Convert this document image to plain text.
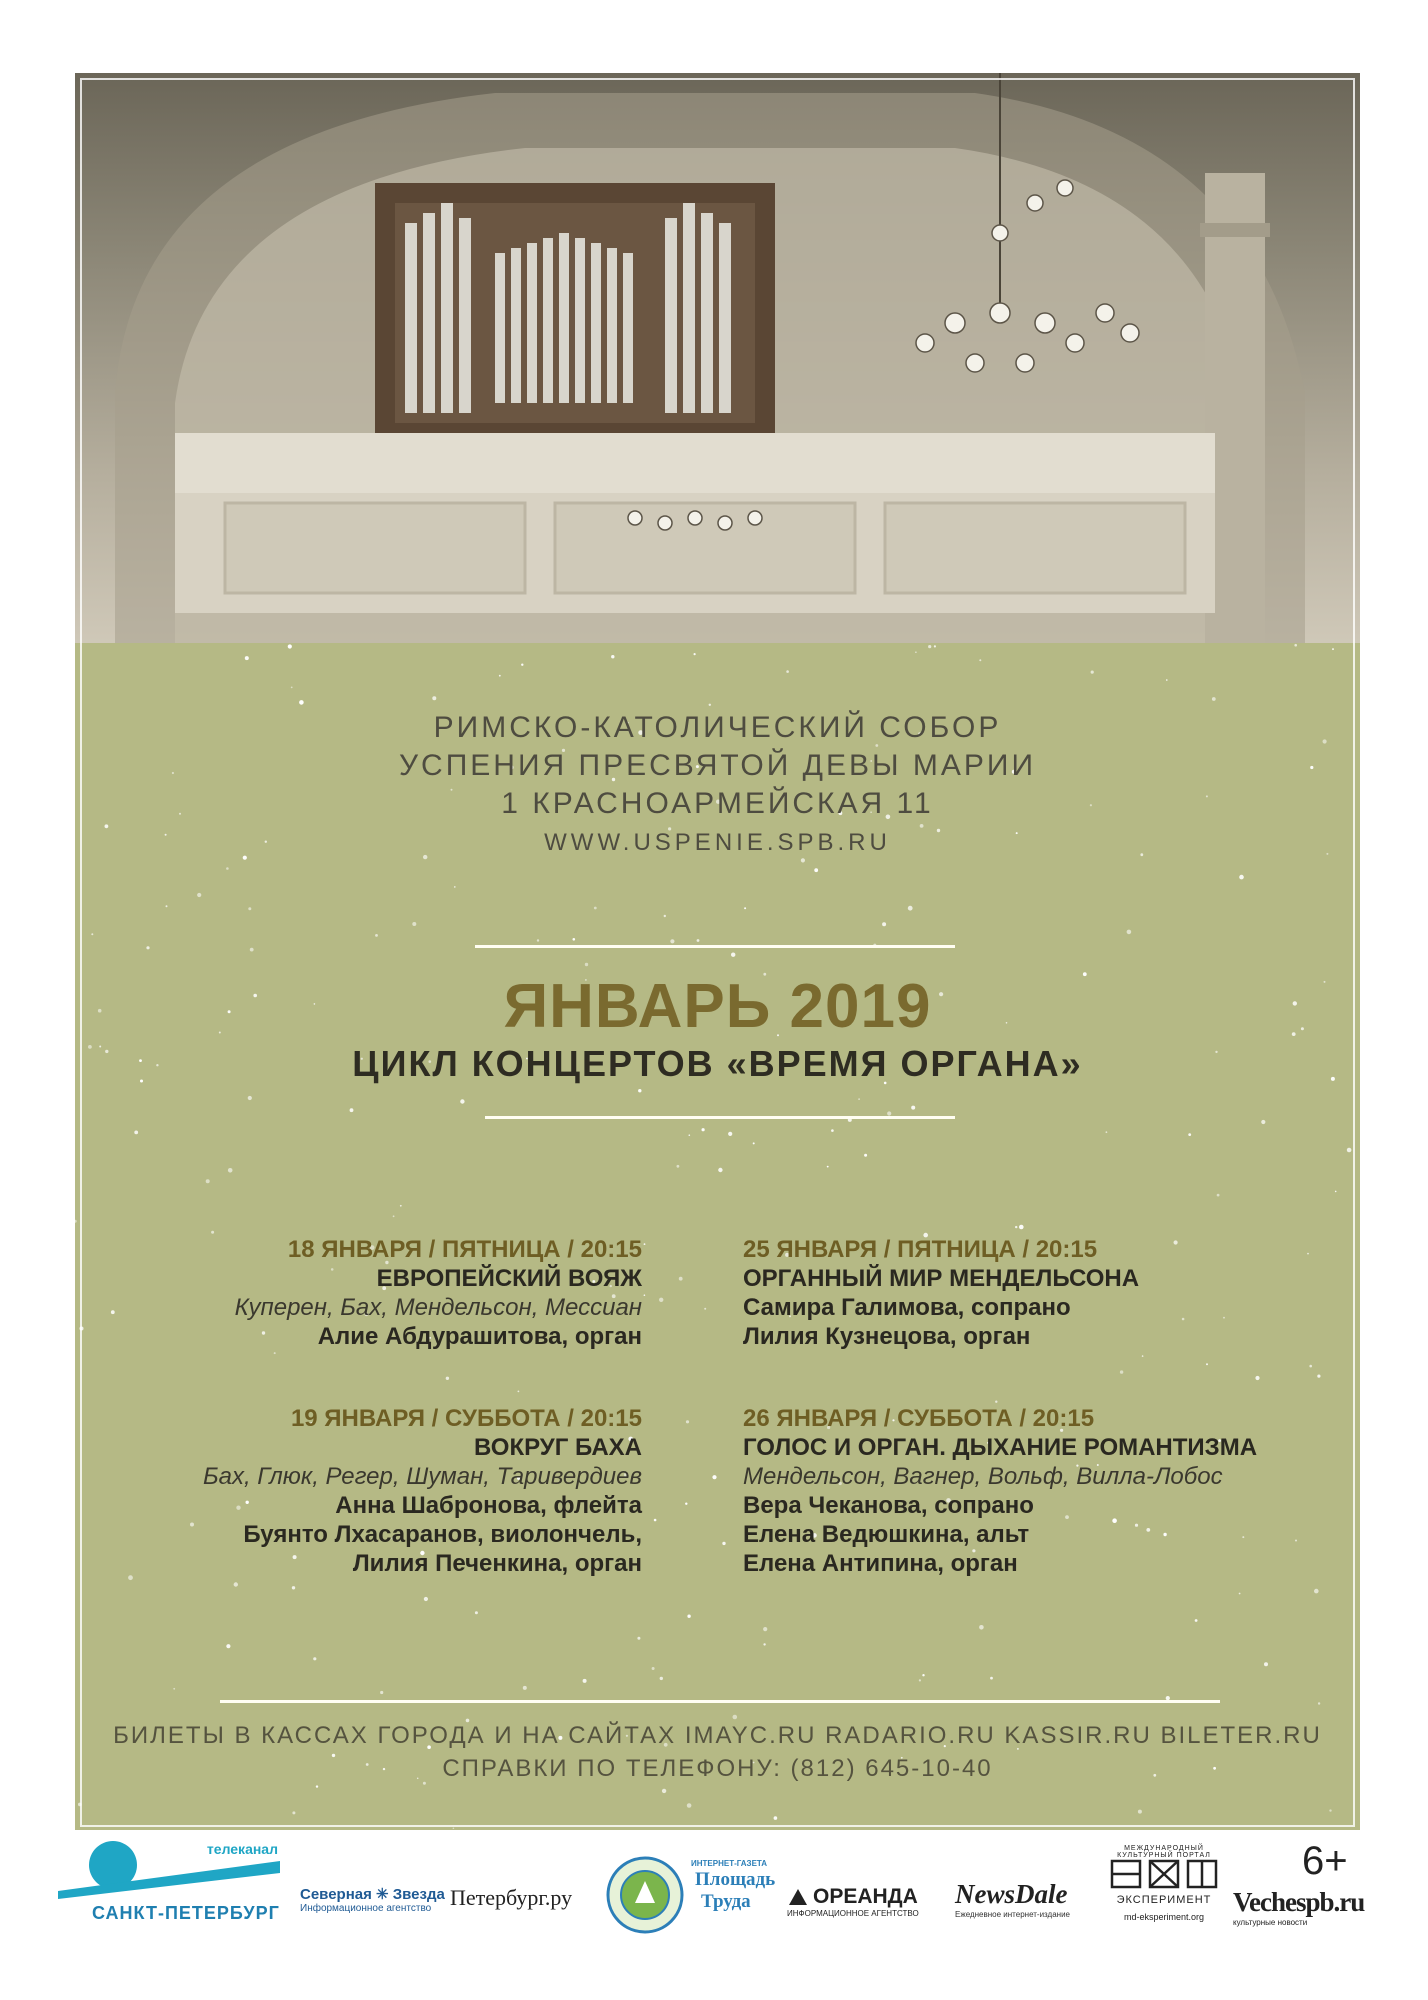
РИМСКО-КАТОЛИЧЕСКИЙ СОБОР
УСПЕНИЯ ПРЕСВЯТОЙ ДЕВЫ МАРИИ
1 КРАСНОАРМЕЙСКАЯ 11
WWW.USPENIE.SPB.RU
ЯНВАРЬ 2019
ЦИКЛ КОНЦЕРТОВ «ВРЕМЯ ОРГАНА»
18 ЯНВАРЯ / ПЯТНИЦА / 20:15
ЕВРОПЕЙСКИЙ ВОЯЖ
Куперен, Бах, Мендельсон, Мессиан
Алие Абдурашитова, орган
19 ЯНВАРЯ / СУББОТА / 20:15
ВОКРУГ БАХА
Бах, Глюк, Регер, Шуман, Таривердиев
Анна Шабронова, флейта
Буянто Лхасаранов, виолончель,
Лилия Печенкина, орган
25 ЯНВАРЯ / ПЯТНИЦА / 20:15
ОРГАННЫЙ МИР МЕНДЕЛЬСОНА
Самира Галимова, сопрано
Лилия Кузнецова, орган
26 ЯНВАРЯ / СУББОТА / 20:15
ГОЛОС И ОРГАН. ДЫХАНИЕ РОМАНТИЗМА
Мендельсон, Вагнер, Вольф, Вилла-Лобос
Вера Чеканова, сопрано
Елена Ведюшкина, альт
Елена Антипина, орган
БИЛЕТЫ В КАССАХ ГОРОДА И НА САЙТАХ IMAYC.RU RADARIO.RU KASSIR.RU BILETER.RU
СПРАВКИ ПО ТЕЛЕФОНУ: (812) 645-10-40
телеканал
САНКТ-ПЕТЕРБУРГ
Северная ✳ Звезда
Информационное агентство Петербург.ру
ИНТЕРНЕТ-ГАЗЕТА
Площадь
Труда	ОРЕАНДА
ИНФОРМАЦИОННОЕ АГЕНТСТВО
NewsDale
Ежедневное интернет-издание
МЕЖДУНАРОДНЫЙ
КУЛЬТУРНЫЙ ПОРТАЛ
ЭКСПЕРИМЕНТ
md-eksperiment.org
6+
Vechespb.ru
культурные новости
